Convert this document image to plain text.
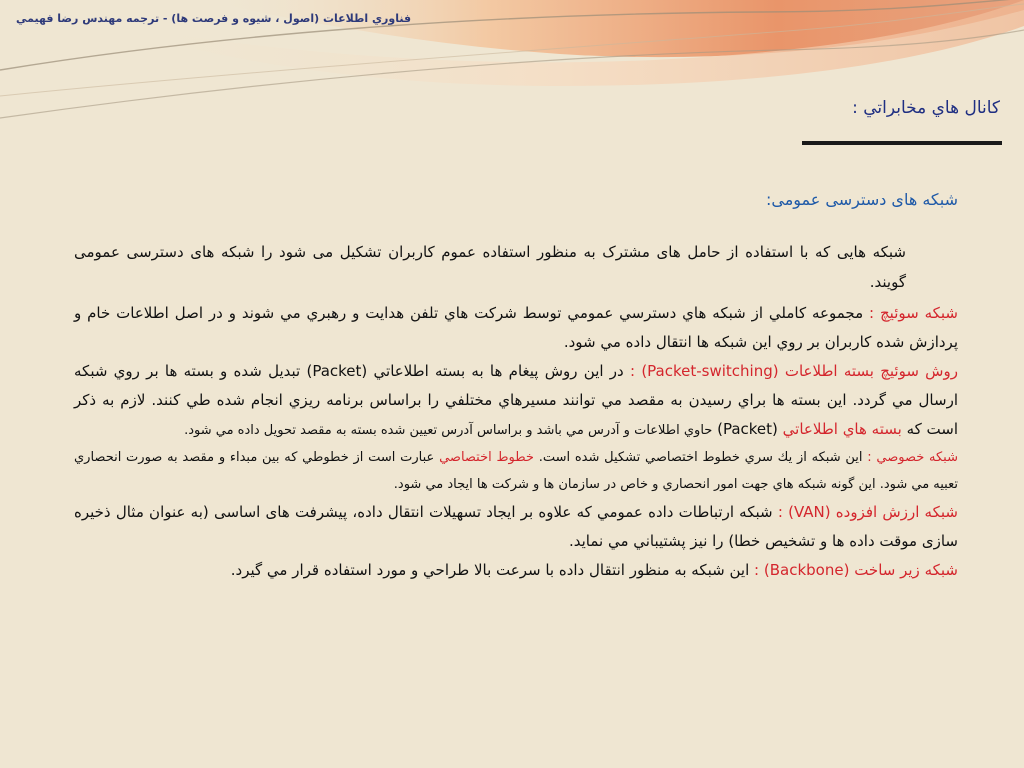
فناوري اطلاعات (اصول ، شيوه و فرصت ها) - ترجمه مهندس رضا فهيمي
كانال هاي مخابراتي :

شبکه های دسترسی عمومی:

شبکه هایی که با استفاده از حامل های مشترک به منظور استفاده عموم کاربران تشکیل می شود را شبکه های دسترسی عمومی گویند.

شبكه سوئيچ : مجموعه كاملي از شبكه هاي دسترسي عمومي توسط شركت هاي تلفن هدايت و رهبري مي شوند و در اصل اطلاعات خام و پردازش شده كاربران بر روي اين شبكه ها انتقال داده مي شود.

روش سوئيچ بسته اطلاعات (Packet-switching) : در اين روش پيغام ها به بسته اطلاعاتي (Packet) تبديل شده و بسته ها بر روي شبكه ارسال مي گردد. اين بسته ها براي رسيدن به مقصد مي توانند مسيرهاي مختلفي را براساس برنامه ريزي انجام شده طي كنند. لازم به ذكر است كه بسته هاي اطلاعاتي (Packet) حاوي اطلاعات و آدرس مي باشد و براساس آدرس تعيين شده بسته به مقصد تحويل داده مي شود.

شبكه خصوصي : اين شبكه از يك سري خطوط اختصاصي تشكيل شده است. خطوط اختصاصي عبارت است از خطوطي كه بين مبداء و مقصد به صورت انحصاري تعبيه مي شود. اين گونه شبكه هاي جهت امور انحصاري و خاص در سازمان ها و شركت ها ايجاد مي شود.

شبکه ارزش افزوده (VAN) : شبکه ارتباطات داده عمومي که علاوه بر ايجاد تسهيلات انتقال داده، پيشرفت های اساسی (به عنوان مثال ذخيره سازی موقت داده ها و تشخيص خطا) را نيز پشتيباني مي نمايد.

شبکه زیر ساخت (Backbone) : اين شبكه به منظور انتقال داده با سرعت بالا طراحي و مورد استفاده قرار مي گيرد.
